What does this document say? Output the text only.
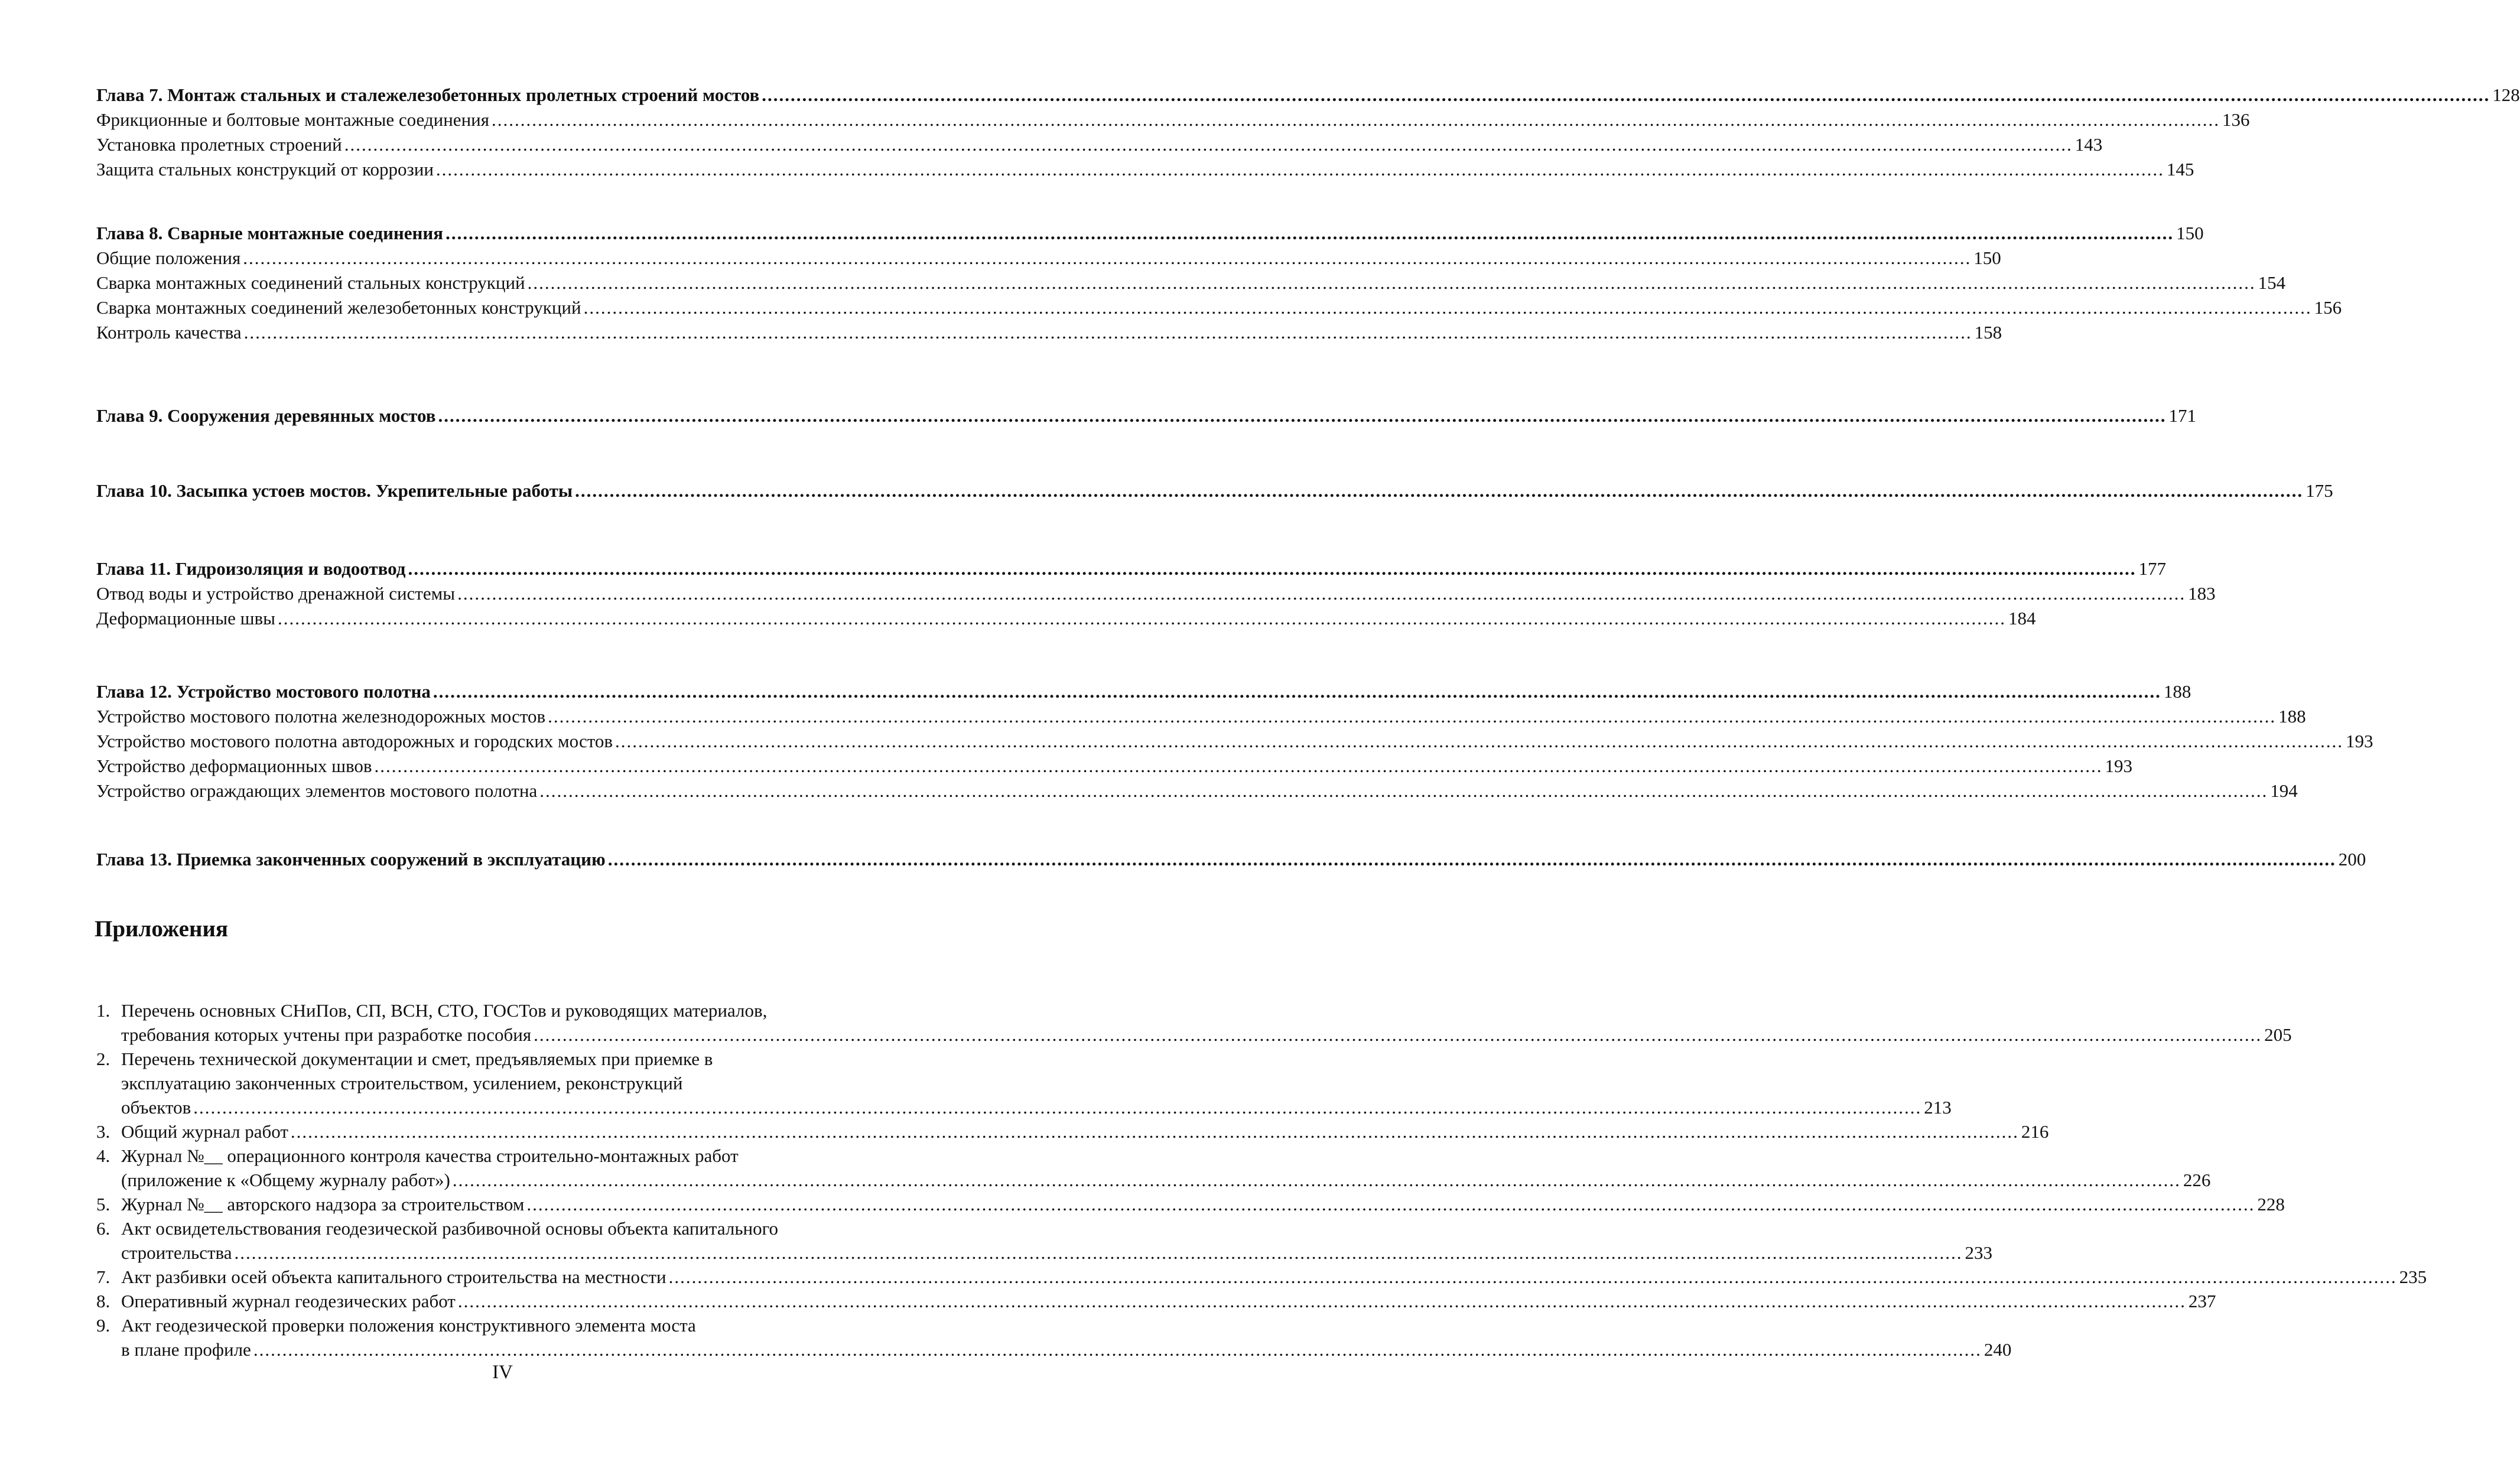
Глава 7. Монтаж стальных и сталежелезобетонных пролетных строений мостов .....	128
Фрикционные и болтовые монтажные соединения .....	136
Установка пролетных строений .....	143
Защита стальных конструкций от коррозии .....	145
Глава 8. Сварные монтажные соединения .....	150
Общие положения .....	150
Сварка монтажных соединений стальных конструкций .....	154
Сварка монтажных соединений железобетонных конструкций .....	156
Контроль качества .....	158
Глава 9. Сооружения деревянных мостов .....	171
Глава 10. Засыпка устоев мостов. Укрепительные работы .....	175
Глава 11. Гидроизоляция и водоотвод .....	177
Отвод воды и устройство дренажной системы .....	183
Деформационные швы .....	184
Глава 12. Устройство мостового полотна .....	188
Устройство мостового полотна железнодорожных мостов .....	188
Устройство мостового полотна автодорожных и городских мостов .....	193
Устройство деформационных швов .....	193
Устройство ограждающих элементов мостового полотна .....	194
Глава 13. Приемка законченных сооружений в эксплуатацию .....	200
Приложения
1. Перечень основных СНиПов, СП, ВСН, СТО, ГОСТов и руководящих материалов,
требования которых учтены при разработке пособия .....	205
2. Перечень технической документации и смет, предъявляемых при приемке в
эксплуатацию законченных строительством, усилением, реконструкций
объектов .....	213
3. Общий журнал работ .....	216
4. Журнал №__ операционного контроля качества строительно-монтажных работ
(приложение к «Общему журналу работ») .....	226
5. Журнал №__ авторского надзора за строительством .....	228
6. Акт освидетельствования геодезической разбивочной основы объекта капитального
строительства .....	233
7. Акт разбивки осей объекта капитального строительства на местности .....	235
8. Оперативный журнал геодезических работ .....	237
9. Акт геодезической проверки положения конструктивного элемента моста
в плане профиле .....	240
IV
